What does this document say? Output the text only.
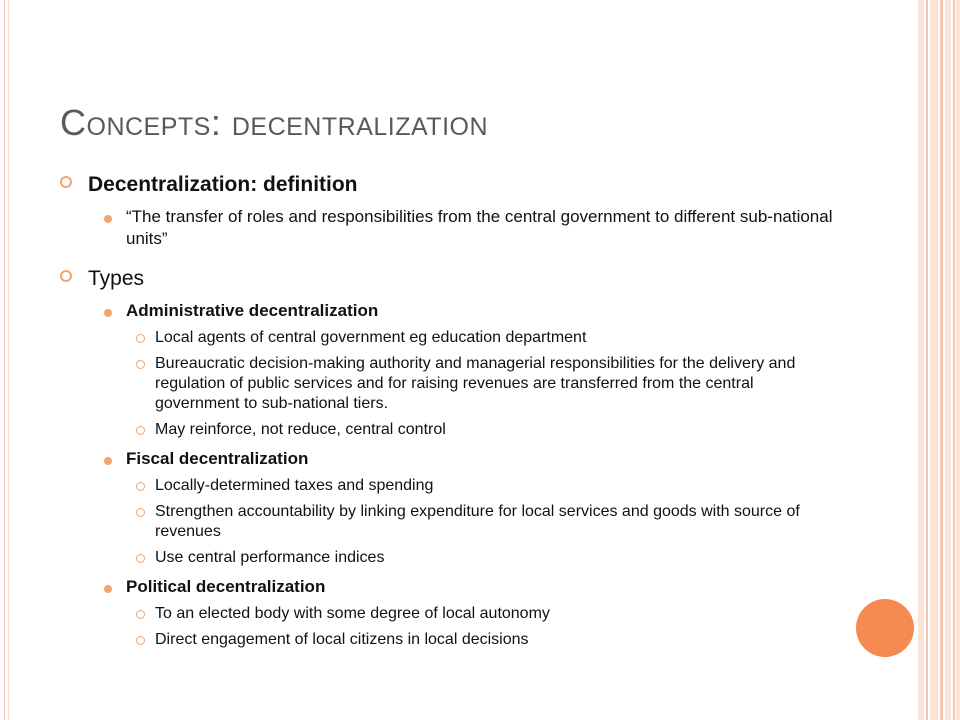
Concepts: decentralization
Decentralization: definition
“The transfer of roles and responsibilities from the central government to different sub-national units”
Types
Administrative decentralization
Local agents of central government eg education department
Bureaucratic decision-making authority and managerial responsibilities for the delivery and regulation of public services and for raising revenues are transferred from the central government to sub-national tiers.
May reinforce, not reduce, central control
Fiscal decentralization
Locally-determined taxes and spending
Strengthen accountability by linking expenditure for local services and goods with source of revenues
Use central performance indices
Political decentralization
To an elected body with some degree of local autonomy
Direct engagement of local citizens in local decisions
